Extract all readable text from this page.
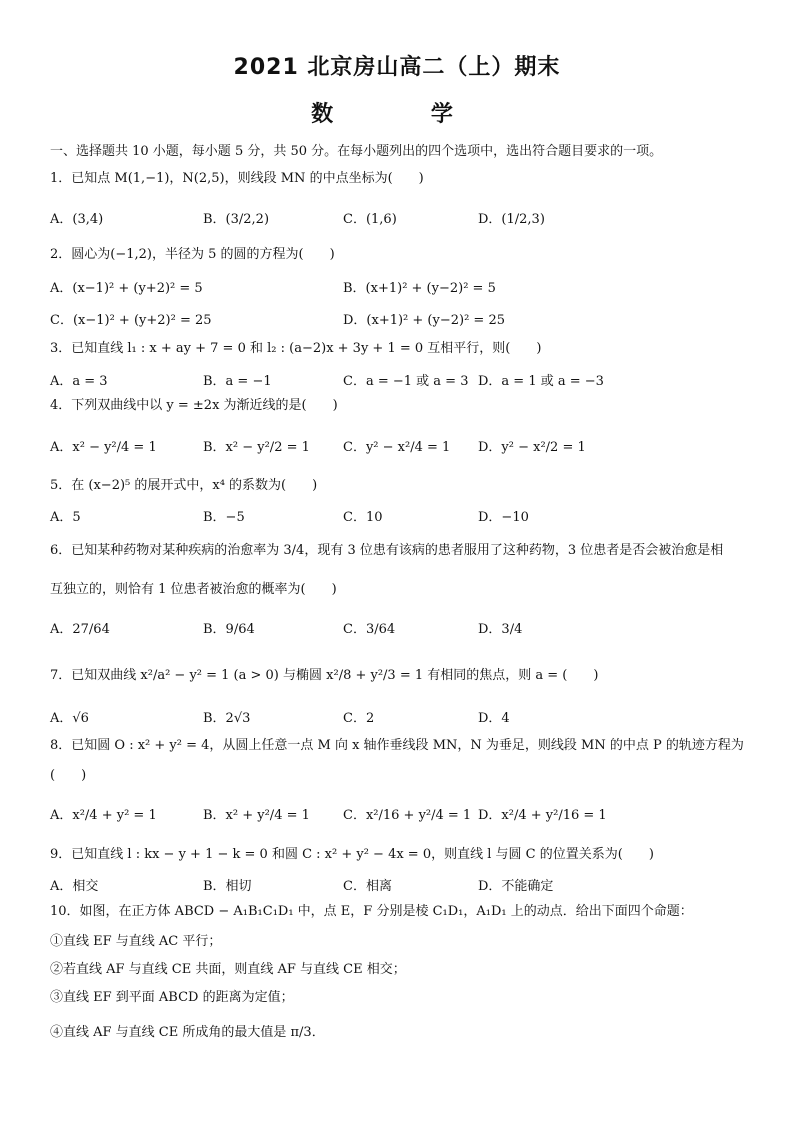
2021 北京房山高二（上）期末
数 学
一、选择题共 10 小题，每小题 5 分，共 50 分。在每小题列出的四个选项中，选出符合题目要求的一项。
1．已知点 M(1,−1)，N(2,5)，则线段 MN 的中点坐标为(　　)
A．(3,4)	B．(3/2,2)	C．(1,6)	D．(1/2,3)
2．圆心为(−1,2)，半径为 5 的圆的方程为(　　)
A．(x−1)² + (y+2)² = 5	B．(x+1)² + (y−2)² = 5
C．(x−1)² + (y+2)² = 25	D．(x+1)² + (y−2)² = 25
3．已知直线 l₁ : x + ay + 7 = 0 和 l₂ : (a−2)x + 3y + 1 = 0 互相平行，则(　　)
A．a = 3	B．a = −1	C．a = −1 或 a = 3 D．a = 1 或 a = −3
4．下列双曲线中以 y = ±2x 为渐近线的是(　　)
A．x² − y²/4 = 1	B．x² − y²/2 = 1	C．y² − x²/4 = 1 D．y² − x²/2 = 1
5．在 (x−2)⁵ 的展开式中，x⁴ 的系数为(　　)
A．5	B．−5	C．10	D．−10
6．已知某种药物对某种疾病的治愈率为 3/4，现有 3 位患有该病的患者服用了这种药物，3 位患者是否会被治愈是相
互独立的，则恰有 1 位患者被治愈的概率为(　　)
A．27/64	B．9/64	C．3/64	D．3/4
7．已知双曲线 x²/a² − y² = 1 (a > 0) 与椭圆 x²/8 + y²/3 = 1 有相同的焦点，则 a = (　　)
A．√6	B．2√3	C．2	D．4
8．已知圆 O : x² + y² = 4，从圆上任意一点 M 向 x 轴作垂线段 MN，N 为垂足，则线段 MN 的中点 P 的轨迹方程为
(　　)
A．x²/4 + y² = 1	B．x² + y²/4 = 1	C．x²/16 + y²/4 = 1 D．x²/4 + y²/16 = 1
9．已知直线 l : kx − y + 1 − k = 0 和圆 C : x² + y² − 4x = 0，则直线 l 与圆 C 的位置关系为(　　)
A．相交	B．相切	C．相离	D．不能确定
10．如图，在正方体 ABCD − A₁B₁C₁D₁ 中，点 E，F 分别是棱 C₁D₁，A₁D₁ 上的动点．给出下面四个命题：
①直线 EF 与直线 AC 平行；
②若直线 AF 与直线 CE 共面，则直线 AF 与直线 CE 相交；
③直线 EF 到平面 ABCD 的距离为定值；
④直线 AF 与直线 CE 所成角的最大值是 π/3．
